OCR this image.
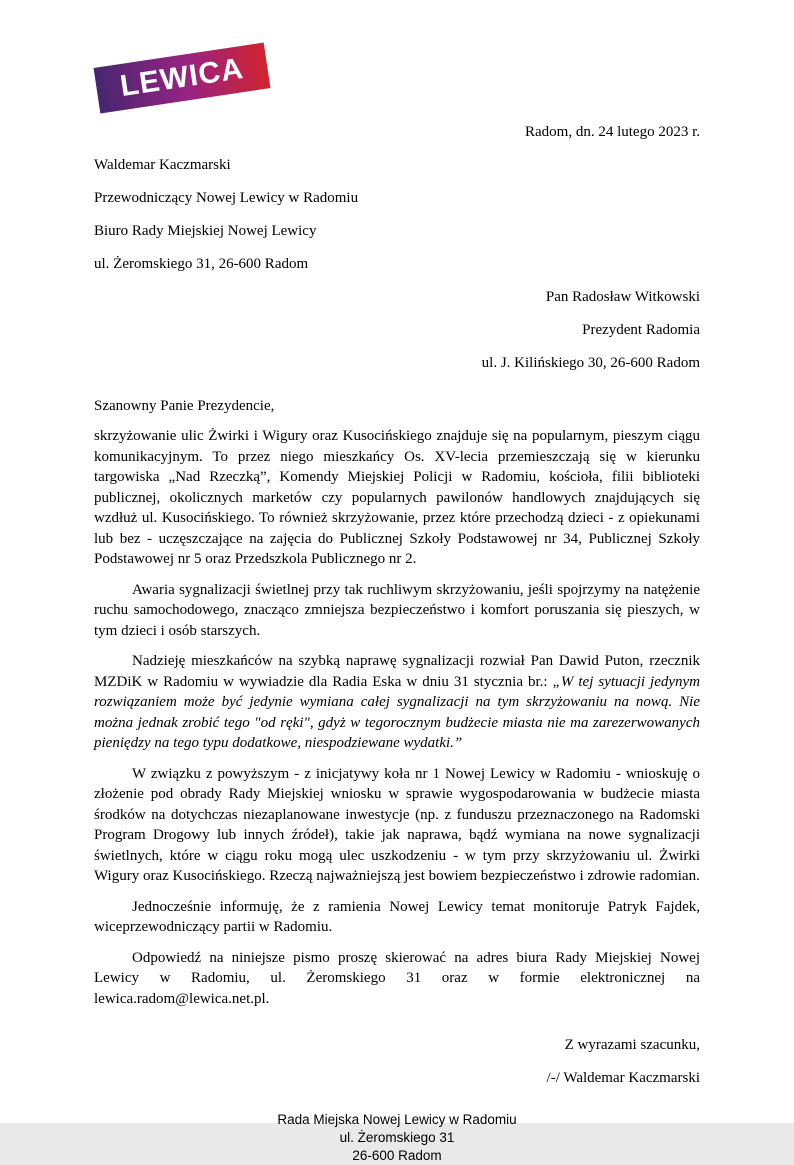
LEWICA

Radom, dn. 24 lutego 2023 r.

Waldemar Kaczmarski

Przewodniczący Nowej Lewicy w Radomiu

Biuro Rady Miejskiej Nowej Lewicy

ul. Żeromskiego 31, 26-600 Radom

Pan Radosław Witkowski

Prezydent Radomia

ul. J. Kilińskiego 30, 26-600 Radom

Szanowny Panie Prezydencie,

skrzyżowanie ulic Żwirki i Wigury oraz Kusocińskiego znajduje się na popularnym, pieszym ciągu komunikacyjnym. To przez niego mieszkańcy Os. XV-lecia przemieszczają się w kierunku targowiska „Nad Rzeczką”, Komendy Miejskiej Policji w Radomiu, kościoła, filii biblioteki publicznej, okolicznych marketów czy popularnych pawilonów handlowych znajdujących się wzdłuż ul. Kusocińskiego. To również skrzyżowanie, przez które przechodzą dzieci - z opiekunami lub bez - uczęszczające na zajęcia do Publicznej Szkoły Podstawowej nr 34, Publicznej Szkoły Podstawowej nr 5 oraz Przedszkola Publicznego nr 2.

Awaria sygnalizacji świetlnej przy tak ruchliwym skrzyżowaniu, jeśli spojrzymy na natężenie ruchu samochodowego, znacząco zmniejsza bezpieczeństwo i komfort poruszania się pieszych, w tym dzieci i osób starszych.

Nadzieję mieszkańców na szybką naprawę sygnalizacji rozwiał Pan Dawid Puton, rzecznik MZDiK w Radomiu w wywiadzie dla Radia Eska w dniu 31 stycznia br.: „W tej sytuacji jedynym rozwiązaniem może być jedynie wymiana całej sygnalizacji na tym skrzyżowaniu na nową. Nie można jednak zrobić tego "od ręki", gdyż w tegorocznym budżecie miasta nie ma zarezerwowanych pieniędzy na tego typu dodatkowe, niespodziewane wydatki.”

W związku z powyższym - z inicjatywy koła nr 1 Nowej Lewicy w Radomiu - wnioskuję o złożenie pod obrady Rady Miejskiej wniosku w sprawie wygospodarowania w budżecie miasta środków na dotychczas niezaplanowane inwestycje (np. z funduszu przeznaczonego na Radomski Program Drogowy lub innych źródeł), takie jak naprawa, bądź wymiana na nowe sygnalizacji świetlnych, które w ciągu roku mogą ulec uszkodzeniu - w tym przy skrzyżowaniu ul. Żwirki Wigury oraz Kusocińskiego. Rzeczą najważniejszą jest bowiem bezpieczeństwo i zdrowie radomian.

Jednocześnie informuję, że z ramienia Nowej Lewicy temat monitoruje Patryk Fajdek, wiceprzewodniczący partii w Radomiu.

Odpowiedź na niniejsze pismo proszę skierować na adres biura Rady Miejskiej Nowej Lewicy w Radomiu, ul. Żeromskiego 31 oraz w formie elektronicznej na lewica.radom@lewica.net.pl.

Z wyrazami szacunku,

/-/ Waldemar Kaczmarski

Rada Miejska Nowej Lewicy w Radomiu

ul. Żeromskiego 31

26-600 Radom
